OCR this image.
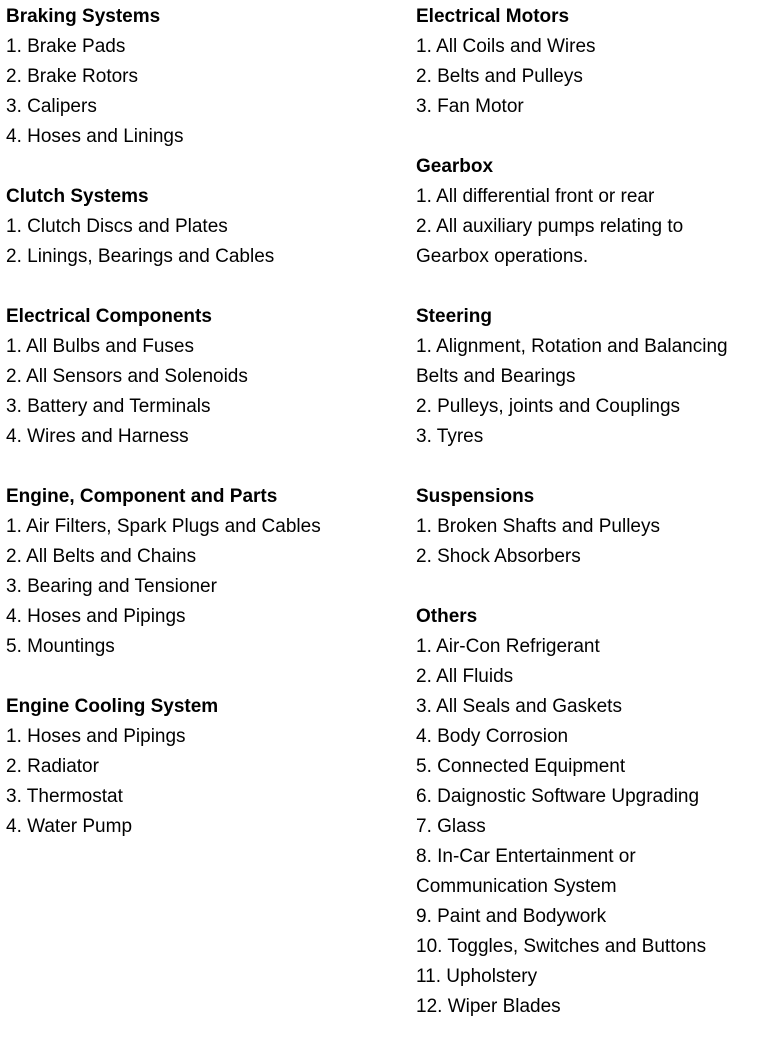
Braking Systems
1. Brake Pads
2. Brake Rotors
3. Calipers
4. Hoses and Linings
Clutch Systems
1. Clutch Discs and Plates
2. Linings, Bearings and Cables
Electrical Components
1. All Bulbs and Fuses
2. All Sensors and Solenoids
3. Battery and Terminals
4. Wires and Harness
Engine, Component and Parts
1. Air Filters, Spark Plugs and Cables
2. All Belts and Chains
3. Bearing and Tensioner
4. Hoses and Pipings
5. Mountings
Engine Cooling System
1. Hoses and Pipings
2. Radiator
3. Thermostat
4. Water Pump
Electrical Motors
1. All Coils and Wires
2. Belts and Pulleys
3. Fan Motor
Gearbox
1. All differential front or rear
2. All auxiliary pumps relating to
Gearbox operations.
Steering
1. Alignment, Rotation and Balancing
Belts and Bearings
2. Pulleys, joints and Couplings
3. Tyres
Suspensions
1. Broken Shafts and Pulleys
2. Shock Absorbers
Others
1. Air-Con Refrigerant
2. All Fluids
3. All Seals and Gaskets
4. Body Corrosion
5. Connected Equipment
6. Daignostic Software Upgrading
7. Glass
8. In-Car Entertainment or
Communication System
9. Paint and Bodywork
10. Toggles, Switches and Buttons
11. Upholstery
12. Wiper Blades
